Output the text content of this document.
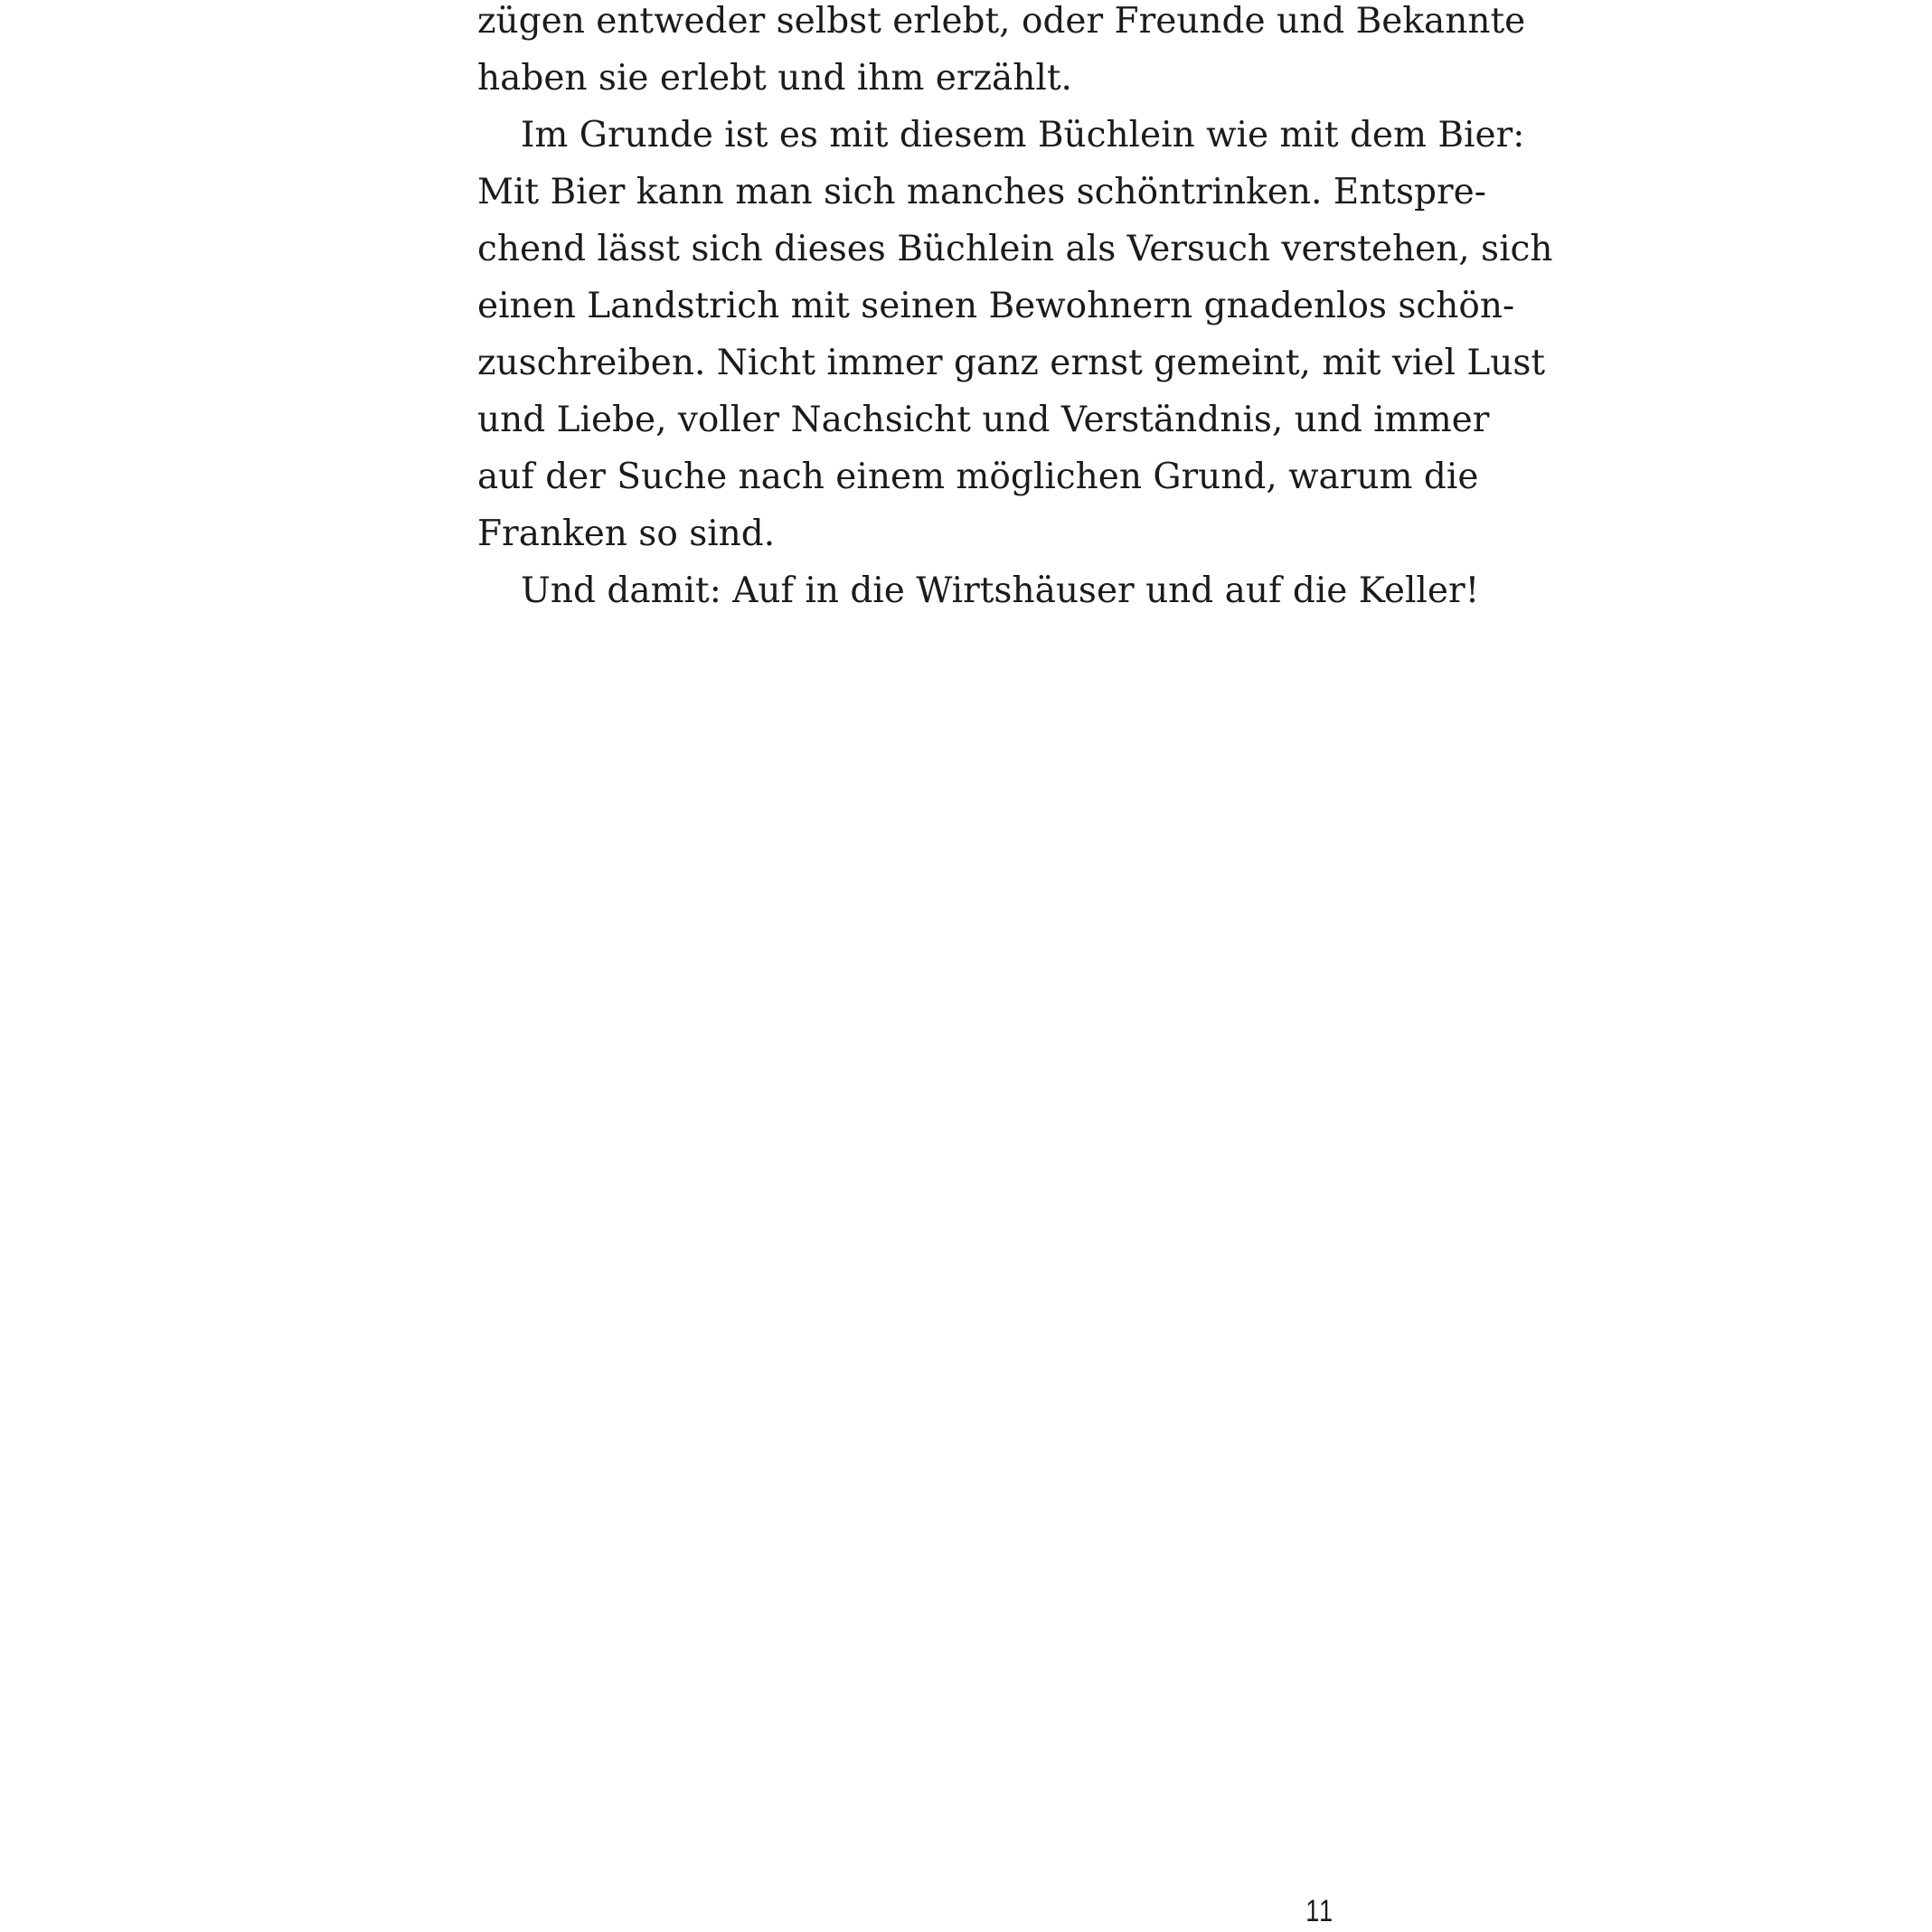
zügen entweder selbst erlebt, oder Freunde und Bekannte
haben sie erlebt und ihm erzählt.
Im Grunde ist es mit diesem Büchlein wie mit dem Bier:
Mit Bier kann man sich manches schöntrinken. Entspre-
chend lässt sich dieses Büchlein als Versuch verstehen, sich
einen Landstrich mit seinen Bewohnern gnadenlos schön-
zuschreiben. Nicht immer ganz ernst gemeint, mit viel Lust
und Liebe, voller Nachsicht und Verständnis, und immer
auf der Suche nach einem möglichen Grund, warum die
Franken so sind.
Und damit: Auf in die Wirtshäuser und auf die Keller!
11
